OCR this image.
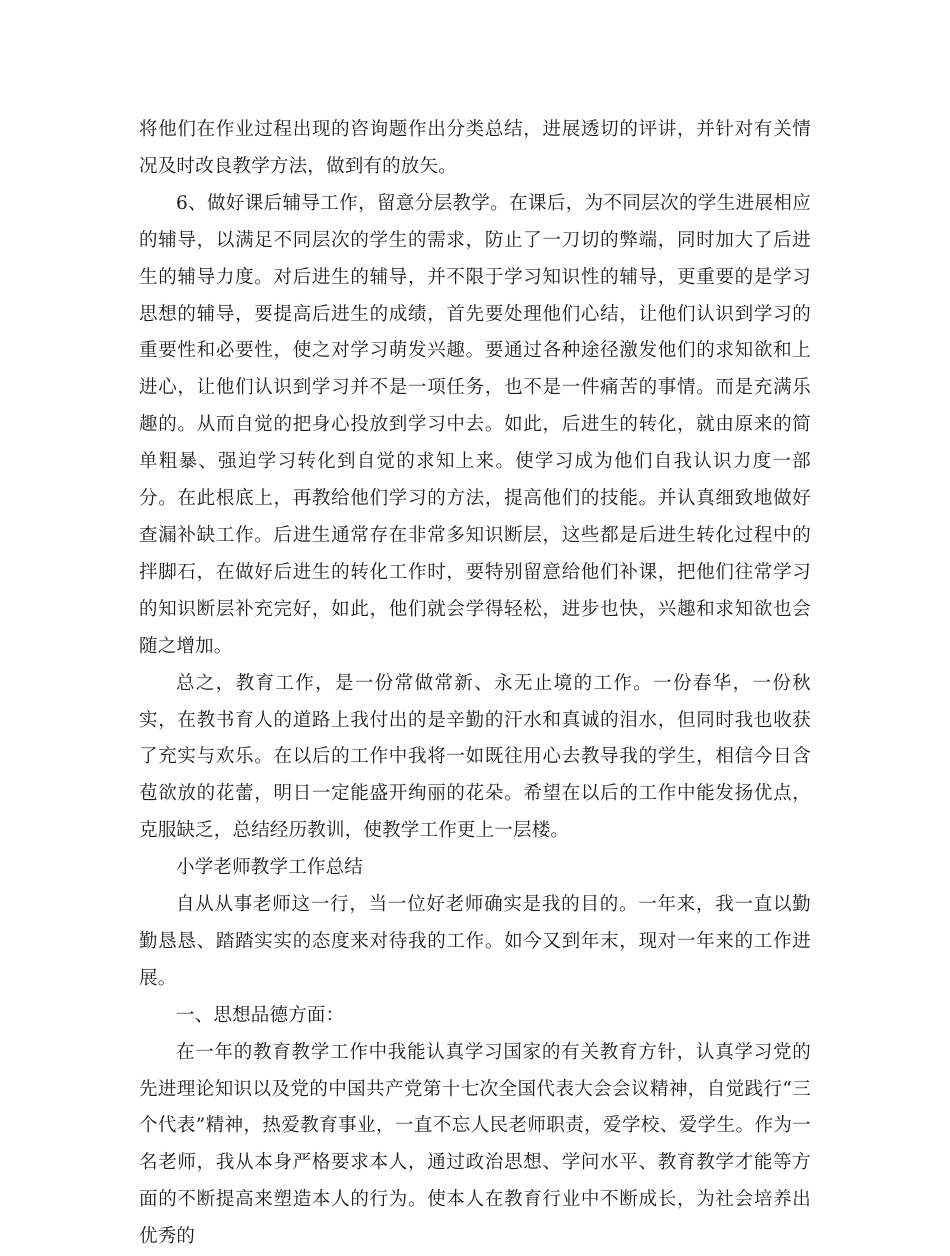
将他们在作业过程出现的咨询题作出分类总结，进展透切的评讲，并针对有关情况及时改良教学方法，做到有的放矢。

6、做好课后辅导工作，留意分层教学。在课后，为不同层次的学生进展相应的辅导，以满足不同层次的学生的需求，防止了一刀切的弊端，同时加大了后进生的辅导力度。对后进生的辅导，并不限于学习知识性的辅导，更重要的是学习思想的辅导，要提高后进生的成绩，首先要处理他们心结，让他们认识到学习的重要性和必要性，使之对学习萌发兴趣。要通过各种途径激发他们的求知欲和上进心，让他们认识到学习并不是一项任务，也不是一件痛苦的事情。而是充满乐趣的。从而自觉的把身心投放到学习中去。如此，后进生的转化，就由原来的简单粗暴、强迫学习转化到自觉的求知上来。使学习成为他们自我认识力度一部分。在此根底上，再教给他们学习的方法，提高他们的技能。并认真细致地做好查漏补缺工作。后进生通常存在非常多知识断层，这些都是后进生转化过程中的拌脚石，在做好后进生的转化工作时，要特别留意给他们补课，把他们往常学习的知识断层补充完好，如此，他们就会学得轻松，进步也快，兴趣和求知欲也会随之增加。

总之，教育工作，是一份常做常新、永无止境的工作。一份春华，一份秋实，在教书育人的道路上我付出的是辛勤的汗水和真诚的泪水，但同时我也收获了充实与欢乐。在以后的工作中我将一如既往用心去教导我的学生，相信今日含苞欲放的花蕾，明日一定能盛开绚丽的花朵。希望在以后的工作中能发扬优点，克服缺乏，总结经历教训，使教学工作更上一层楼。

小学老师教学工作总结

自从从事老师这一行，当一位好老师确实是我的目的。一年来，我一直以勤勤恳恳、踏踏实实的态度来对待我的工作。如今又到年末，现对一年来的工作进展。

一、思想品德方面：

在一年的教育教学工作中我能认真学习国家的有关教育方针，认真学习党的先进理论知识以及党的中国共产党第十七次全国代表大会会议精神，自觉践行“三个代表”精神，热爱教育事业，一直不忘人民老师职责，爱学校、爱学生。作为一名老师，我从本身严格要求本人，通过政治思想、学问水平、教育教学才能等方面的不断提高来塑造本人的行为。使本人在教育行业中不断成长，为社会培养出优秀的
